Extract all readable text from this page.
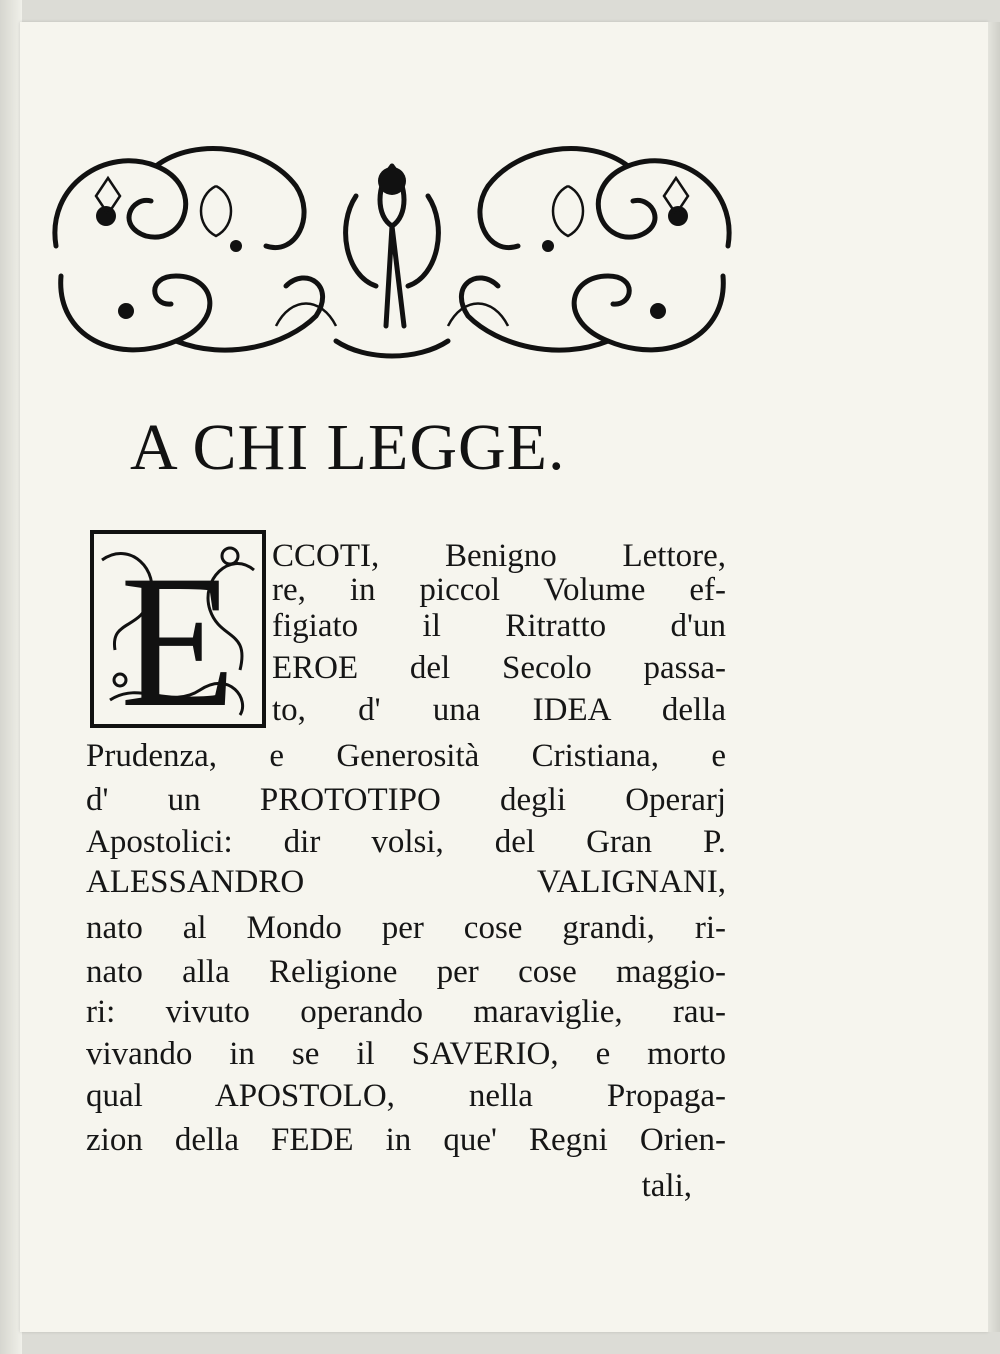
A CHI LEGGE.
E CCOTI, Benigno Lettore,

re, in piccol Volume ef-

figiato il Ritratto d'un

EROE del Secolo passa-

to, d' una IDEA della

Prudenza, e Generosità Cristiana, e

d' un PROTOTIPO degli Operarj

Apostolici: dir volsi, del Gran P.

ALESSANDRO VALIGNANI,

nato al Mondo per cose grandi, ri-

nato alla Religione per cose maggio-

ri: vivuto operando maraviglie, rau-

vivando in se il SAVERIO, e morto

qual APOSTOLO, nella Propaga-

zion della FEDE in que' Regni Orien-

tali,
